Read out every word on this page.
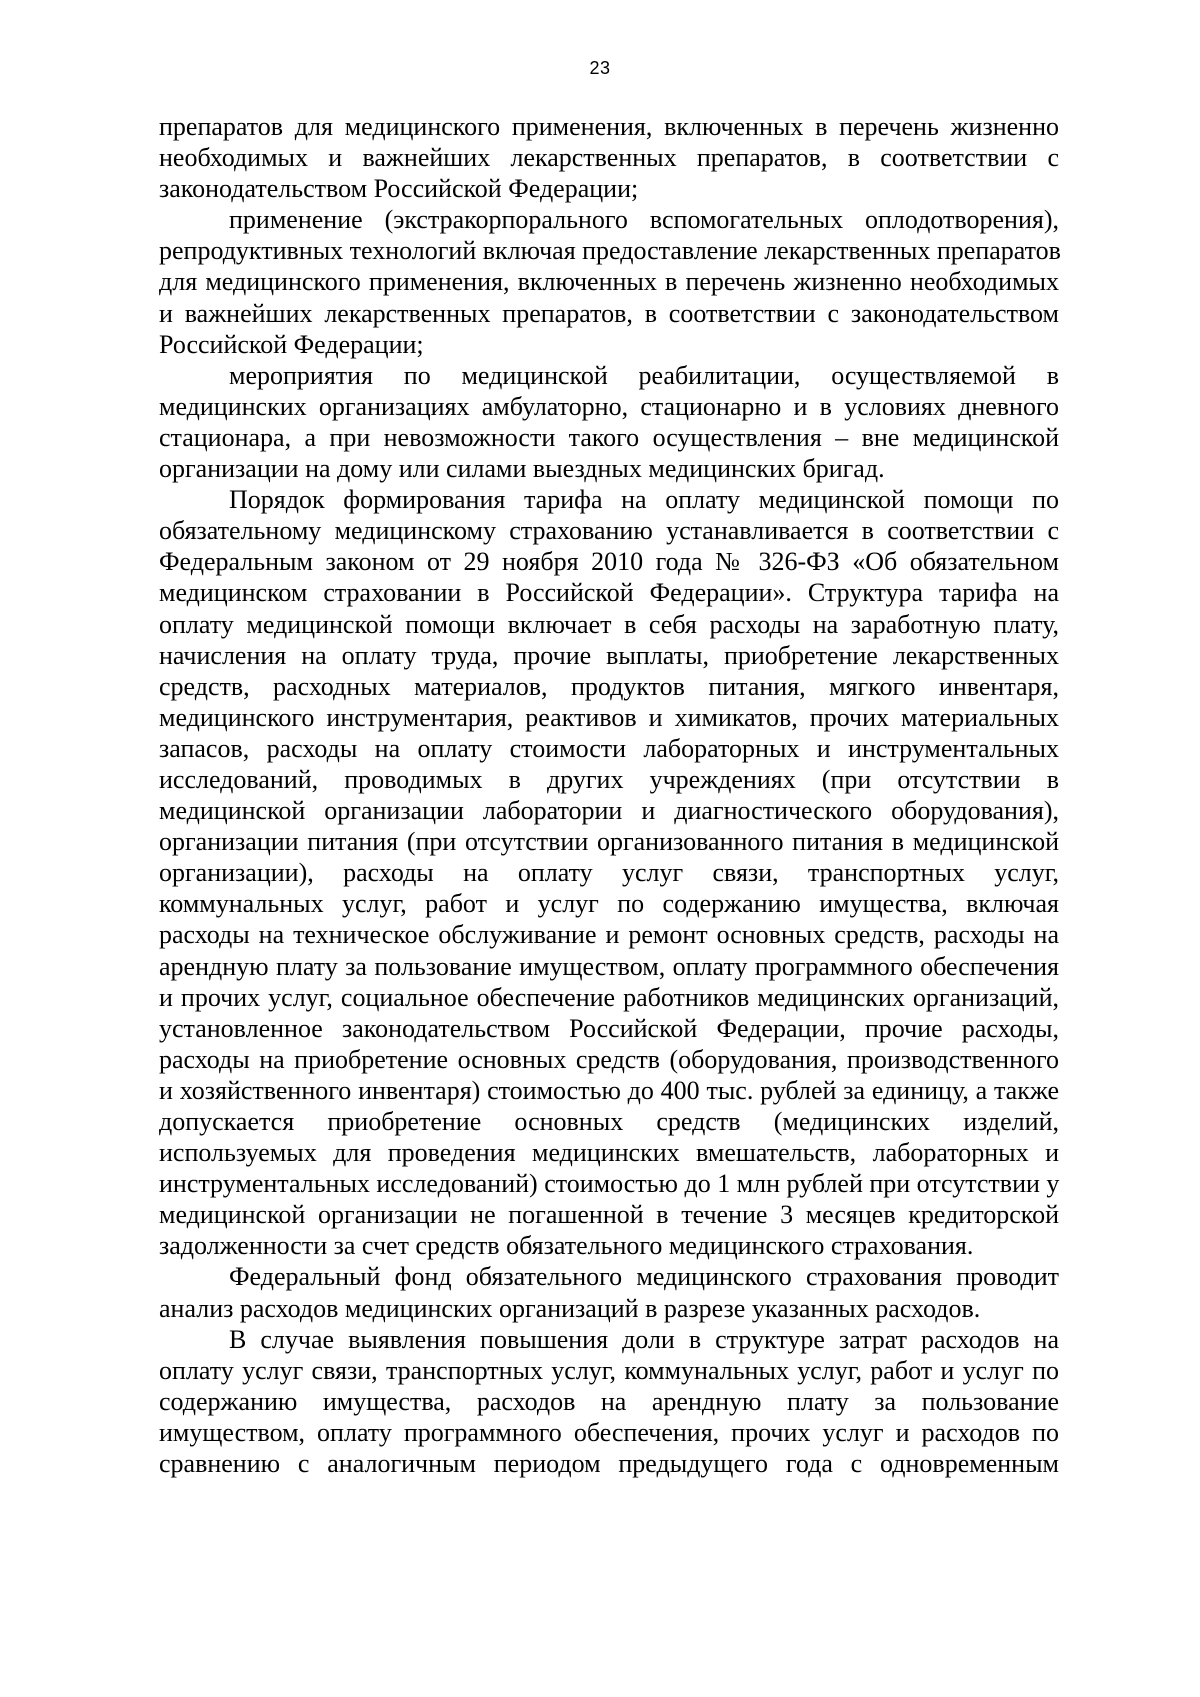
23
препаратов для медицинского применения, включенных в перечень жизненно
необходимых и важнейших лекарственных препаратов, в соответствии с
законодательством Российской Федерации;
применение (экстракорпорального вспомогательных оплодотворения),
репродуктивных технологий включая предоставление лекарственных препаратов
для медицинского применения, включенных в перечень жизненно необходимых
и важнейших лекарственных препаратов, в соответствии с законодательством
Российской Федерации;
мероприятия по медицинской реабилитации, осуществляемой в
медицинских организациях амбулаторно, стационарно и в условиях дневного
стационара, а при невозможности такого осуществления – вне медицинской
организации на дому или силами выездных медицинских бригад.
Порядок формирования тарифа на оплату медицинской помощи по
обязательному медицинскому страхованию устанавливается в соответствии с
Федеральным законом от 29 ноября 2010 года № 326-ФЗ «Об обязательном
медицинском страховании в Российской Федерации». Структура тарифа на
оплату медицинской помощи включает в себя расходы на заработную плату,
начисления на оплату труда, прочие выплаты, приобретение лекарственных
средств, расходных материалов, продуктов питания, мягкого инвентаря,
медицинского инструментария, реактивов и химикатов, прочих материальных
запасов, расходы на оплату стоимости лабораторных и инструментальных
исследований, проводимых в других учреждениях (при отсутствии в
медицинской организации лаборатории и диагностического оборудования),
организации питания (при отсутствии организованного питания в медицинской
организации), расходы на оплату услуг связи, транспортных услуг,
коммунальных услуг, работ и услуг по содержанию имущества, включая
расходы на техническое обслуживание и ремонт основных средств, расходы на
арендную плату за пользование имуществом, оплату программного обеспечения
и прочих услуг, социальное обеспечение работников медицинских организаций,
установленное законодательством Российской Федерации, прочие расходы,
расходы на приобретение основных средств (оборудования, производственного
и хозяйственного инвентаря) стоимостью до 400 тыс. рублей за единицу, а также
допускается приобретение основных средств (медицинских изделий,
используемых для проведения медицинских вмешательств, лабораторных и
инструментальных исследований) стоимостью до 1 млн рублей при отсутствии у
медицинской организации не погашенной в течение 3 месяцев кредиторской
задолженности за счет средств обязательного медицинского страхования.
Федеральный фонд обязательного медицинского страхования проводит
анализ расходов медицинских организаций в разрезе указанных расходов.
В случае выявления повышения доли в структуре затрат расходов на
оплату услуг связи, транспортных услуг, коммунальных услуг, работ и услуг по
содержанию имущества, расходов на арендную плату за пользование
имуществом, оплату программного обеспечения, прочих услуг и расходов по
сравнению с аналогичным периодом предыдущего года с одновременным
